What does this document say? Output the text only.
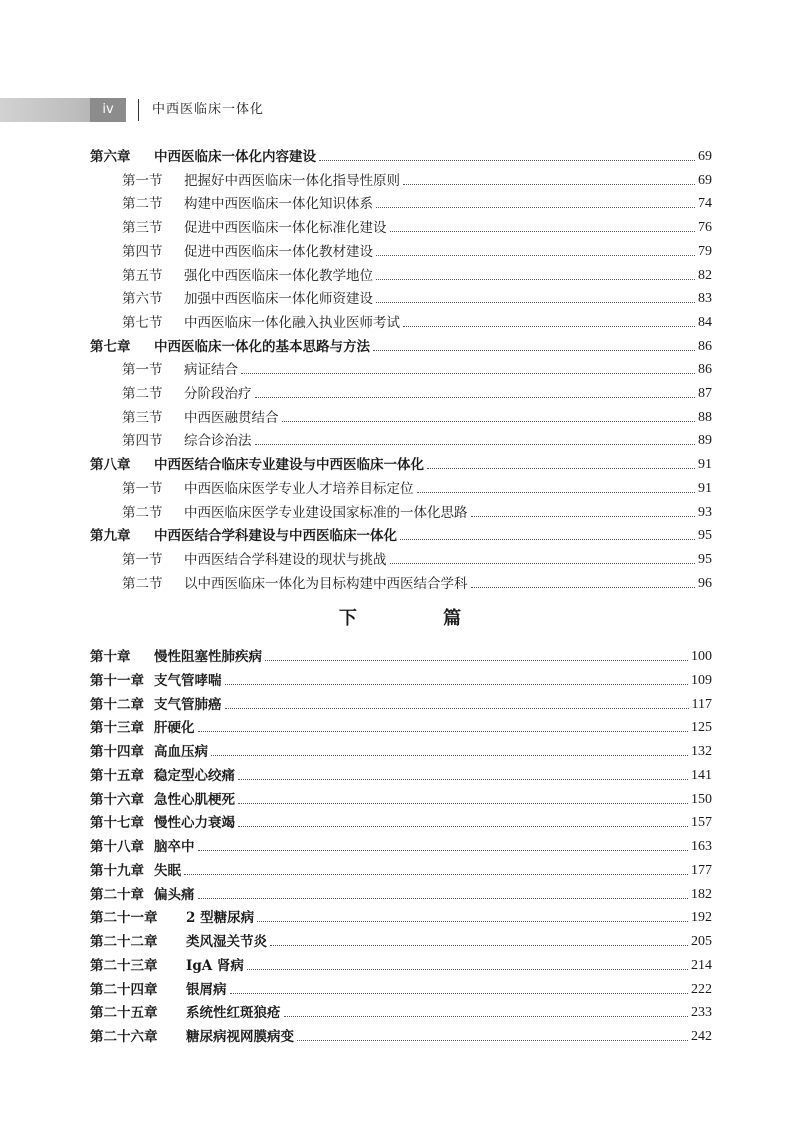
iv	中西医临床一体化
第六章	中西医临床一体化内容建设	69
第一节	把握好中西医临床一体化指导性原则	69
第二节	构建中西医临床一体化知识体系	74
第三节	促进中西医临床一体化标准化建设	76
第四节	促进中西医临床一体化教材建设	79
第五节	强化中西医临床一体化教学地位	82
第六节	加强中西医临床一体化师资建设	83
第七节	中西医临床一体化融入执业医师考试	84
第七章	中西医临床一体化的基本思路与方法	86
第一节	病证结合	86
第二节	分阶段治疗	87
第三节	中西医融贯结合	88
第四节	综合诊治法	89
第八章	中西医结合临床专业建设与中西医临床一体化	91
第一节	中西医临床医学专业人才培养目标定位	91
第二节	中西医临床医学专业建设国家标准的一体化思路	93
第九章	中西医结合学科建设与中西医临床一体化	95
第一节	中西医结合学科建设的现状与挑战	95
第二节	以中西医临床一体化为目标构建中西医结合学科	96
第十章	慢性阻塞性肺疾病	100
第十一章 支气管哮喘	109
第十二章 支气管肺癌	117
第十三章 肝硬化	125
第十四章 高血压病	132
第十五章 稳定型心绞痛	141
第十六章 急性心肌梗死	150
第十七章 慢性心力衰竭	157
第十八章 脑卒中	163
第十九章 失眠	177
第二十章 偏头痛	182
第二十一章	2 型糖尿病	192
第二十二章	类风湿关节炎	205
第二十三章	IgA 肾病	214
第二十四章	银屑病	222
第二十五章	系统性红斑狼疮	233
第二十六章	糖尿病视网膜病变	242
下 篇
